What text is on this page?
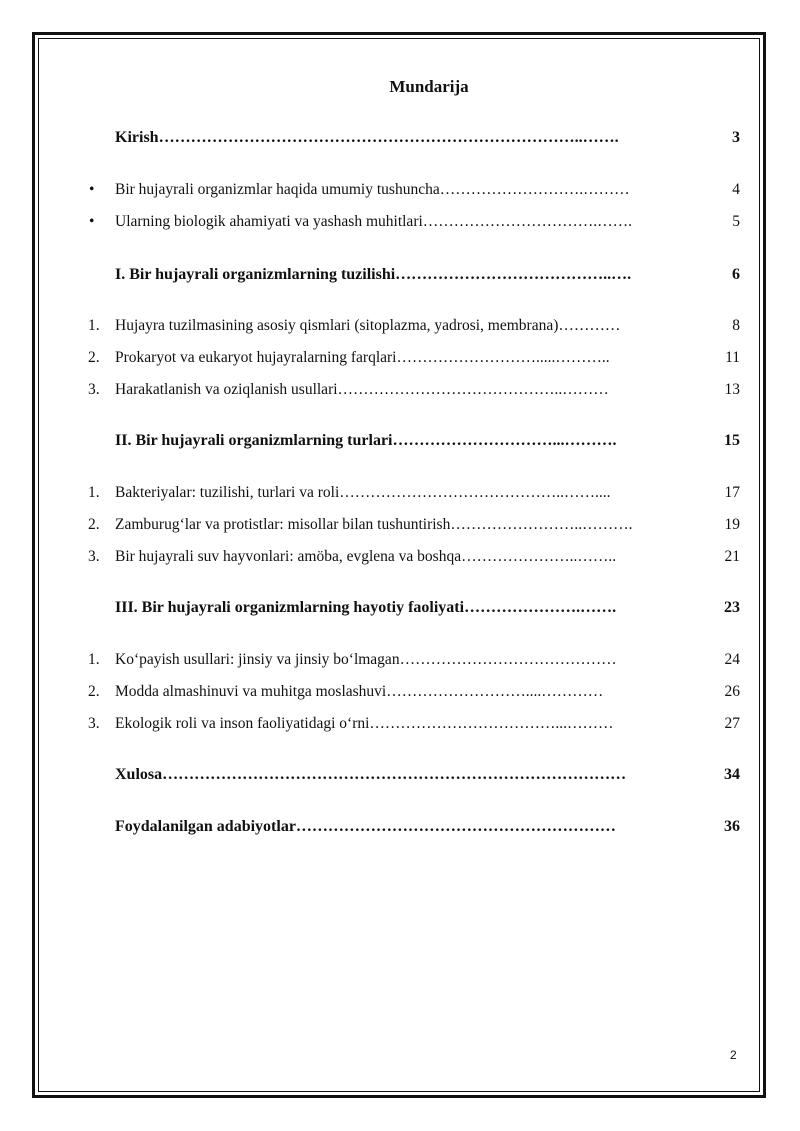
Mundarija
Kirish……………………………………………………………………..…….	3
• Bir hujayrali organizmlar haqida umumiy tushuncha……………………….………	4
• Ularning biologik ahamiyati va yashash muhitlari…………………………….…….	5
I. Bir hujayrali organizmlarning tuzilishi…………………………………..….	6
1. Hujayra tuzilmasining asosiy qismlari (sitoplazma, yadrosi, membrana)…………	8
2. Prokaryot va eukaryot hujayralarning farqlari……………………….....………..	11
3. Harakatlanish va oziqlanish usullari……………………………………..………	13
II. Bir hujayrali organizmlarning turlari…………………………...……….	15
1. Bakteriyalar: tuzilishi, turlari va roli……………………………………..……....	17
2. Zamburug‘lar va protistlar: misollar bilan tushuntirish……………………..……….	19
3. Bir hujayrali suv hayvonlari: amöba, evglena va boshqa…………………..……..	21
III. Bir hujayrali organizmlarning hayotiy faoliyati………………….…….	23
1. Ko‘payish usullari: jinsiy va jinsiy bo‘lmagan……………………………………	24
2. Modda almashinuvi va muhitga moslashuvi………………………....…………	26
3. Ekologik roli va inson faoliyatidagi o‘rni………………………………...………	27
Xulosa……………………………………………………………………………	34
Foydalanilgan adabiyotlar……………………………………………………	36
2
